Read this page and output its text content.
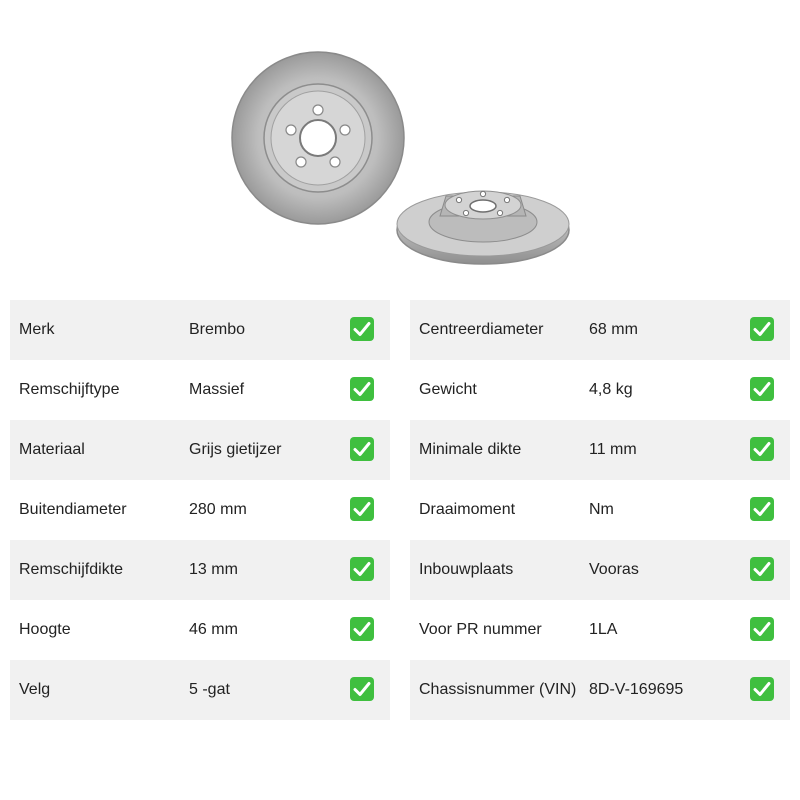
Merk	Brembo
Remschijftype	Massief
Materiaal	Grijs gietijzer
Buitendiameter	280 mm
Remschijfdikte	13 mm
Hoogte	46 mm
Velg	5 -gat
Centreerdiameter	68 mm
Gewicht	4,8 kg
Minimale dikte	11 mm
Draaimoment	Nm
Inbouwplaats	Vooras
Voor PR nummer	1LA
Chassisnummer (VIN) 8D-V-169695
